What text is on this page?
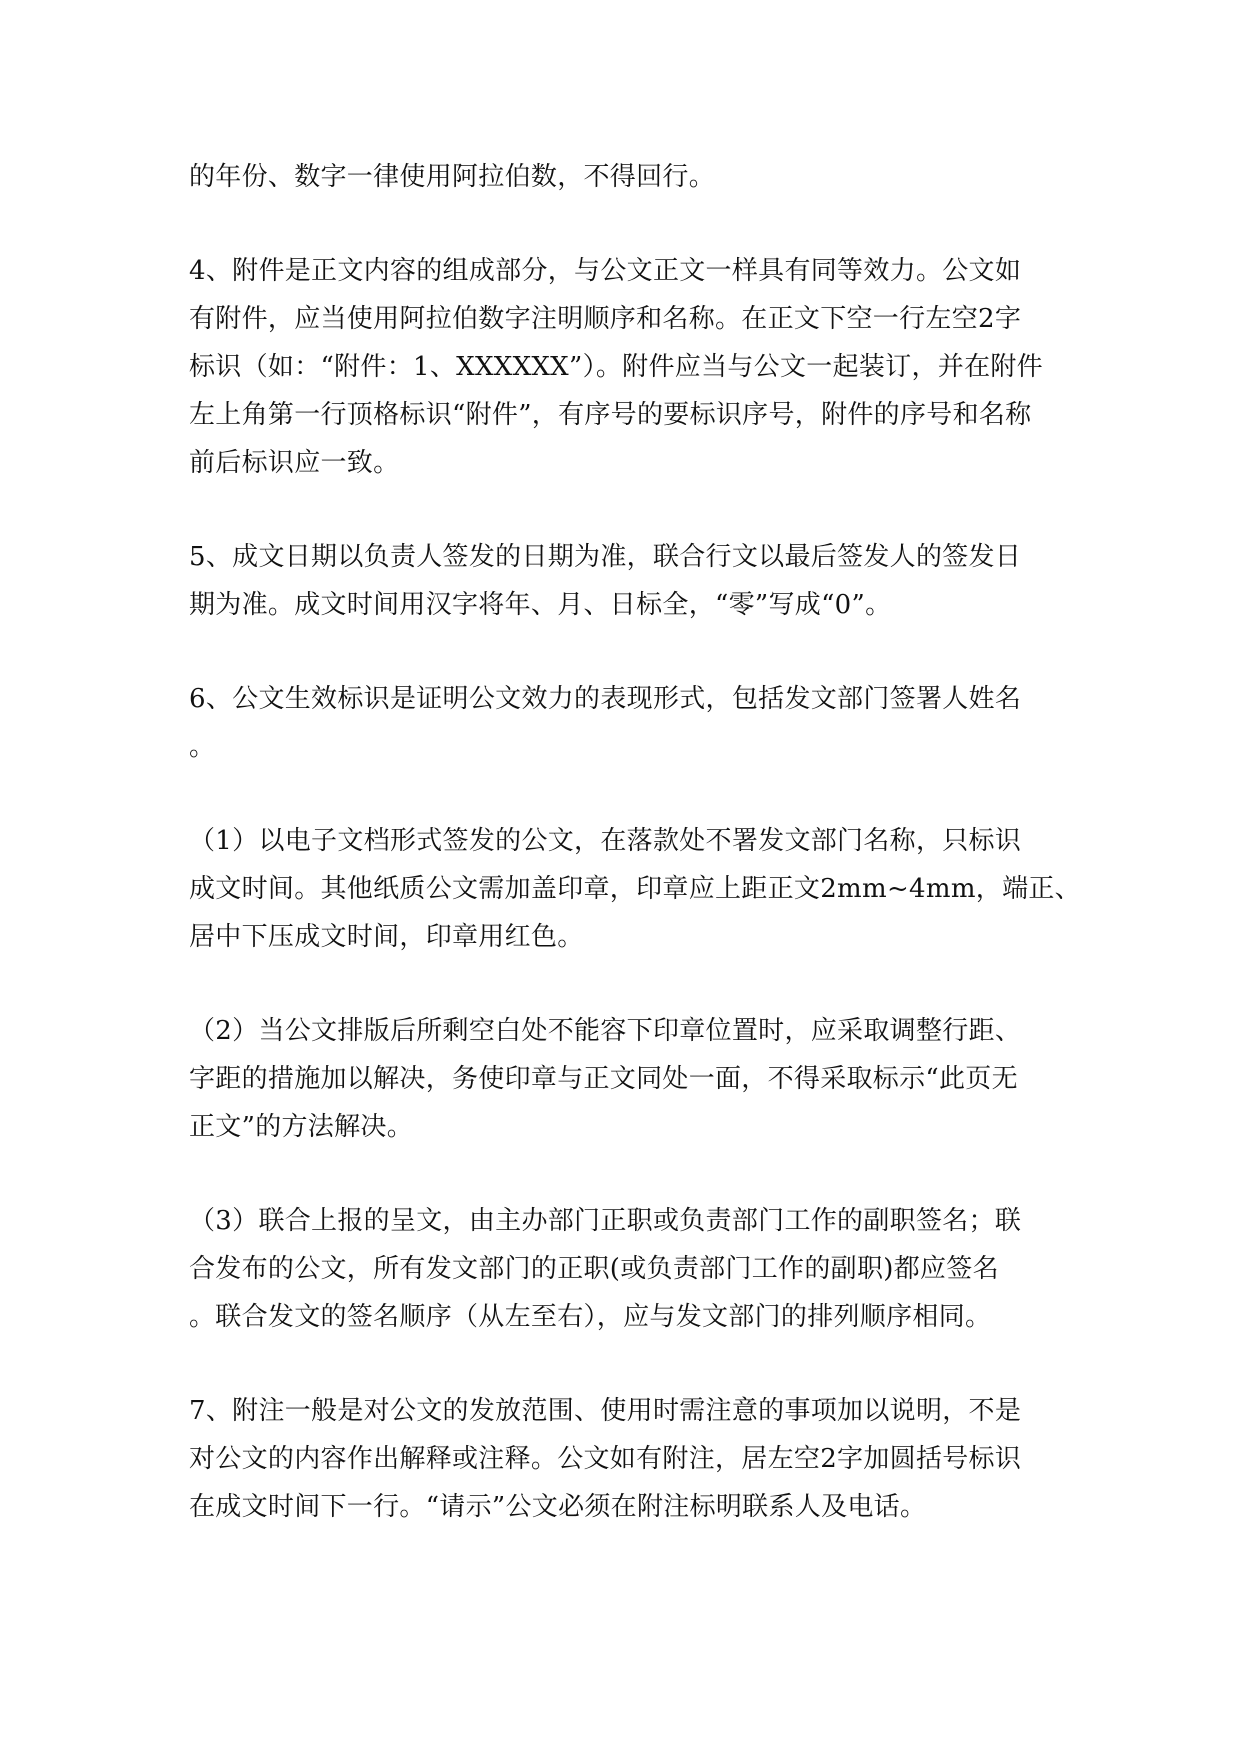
的年份、数字一律使用阿拉伯数，不得回行。

4、附件是正文内容的组成部分，与公文正文一样具有同等效力。公文如
有附件，应当使用阿拉伯数字注明顺序和名称。在正文下空一行左空2字
标识（如：“附件：1、XXXXXX”）。附件应当与公文一起装订，并在附件
左上角第一行顶格标识“附件”，有序号的要标识序号，附件的序号和名称
前后标识应一致。

5、成文日期以负责人签发的日期为准，联合行文以最后签发人的签发日
期为准。成文时间用汉字将年、月、日标全，“零”写成“0”。

6、公文生效标识是证明公文效力的表现形式，包括发文部门签署人姓名
。

（1）以电子文档形式签发的公文，在落款处不署发文部门名称，只标识
成文时间。其他纸质公文需加盖印章，印章应上距正文2mm~4mm，端正、
居中下压成文时间，印章用红色。

（2）当公文排版后所剩空白处不能容下印章位置时，应采取调整行距、
字距的措施加以解决，务使印章与正文同处一面，不得采取标示“此页无
正文”的方法解决。

（3）联合上报的呈文，由主办部门正职或负责部门工作的副职签名；联
合发布的公文，所有发文部门的正职(或负责部门工作的副职)都应签名
。联合发文的签名顺序（从左至右），应与发文部门的排列顺序相同。

7、附注一般是对公文的发放范围、使用时需注意的事项加以说明，不是
对公文的内容作出解释或注释。公文如有附注，居左空2字加圆括号标识
在成文时间下一行。“请示”公文必须在附注标明联系人及电话。
